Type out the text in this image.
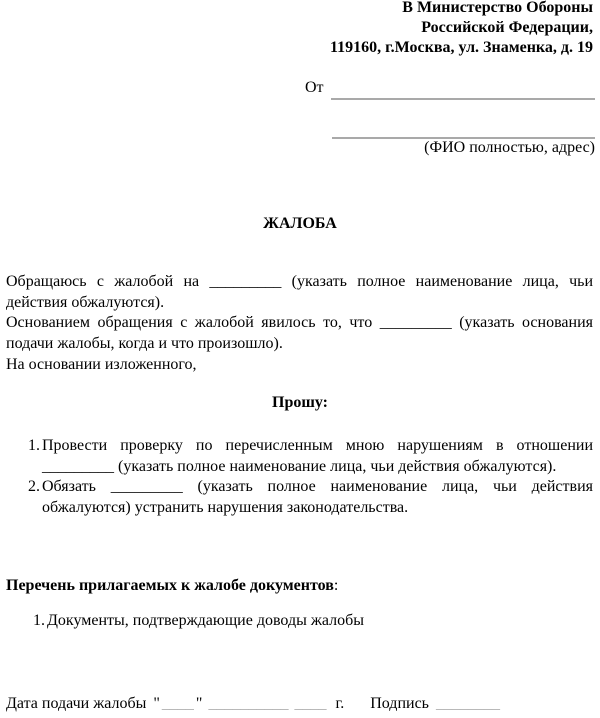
В Министерство Обороны
Российской Федерации,
119160, г.Москва, ул. Знаменка, д. 19
От
(ФИО полностью, адрес)
ЖАЛОБА

Обращаюсь с жалобой на _________ (указать полное наименование лица, чьи действия обжалуются).

Основанием обращения с жалобой явилось то, что _________ (указать основания подачи жалобы, когда и что произошло).

На основании изложенного,

Прошу:
1. Провести проверку по перечисленным мною нарушениям в отношении _________ (указать полное наименование лица, чьи действия обжалуются).
2. Обязать _________ (указать полное наименование лица, чьи действия обжалуются) устранить нарушения законодательства.
Перечень прилагаемых к жалобе документов:
1. Документы, подтверждающие доводы жалобы
Дата подачи жалобы " ____ " __________ ____ г. Подпись ________
